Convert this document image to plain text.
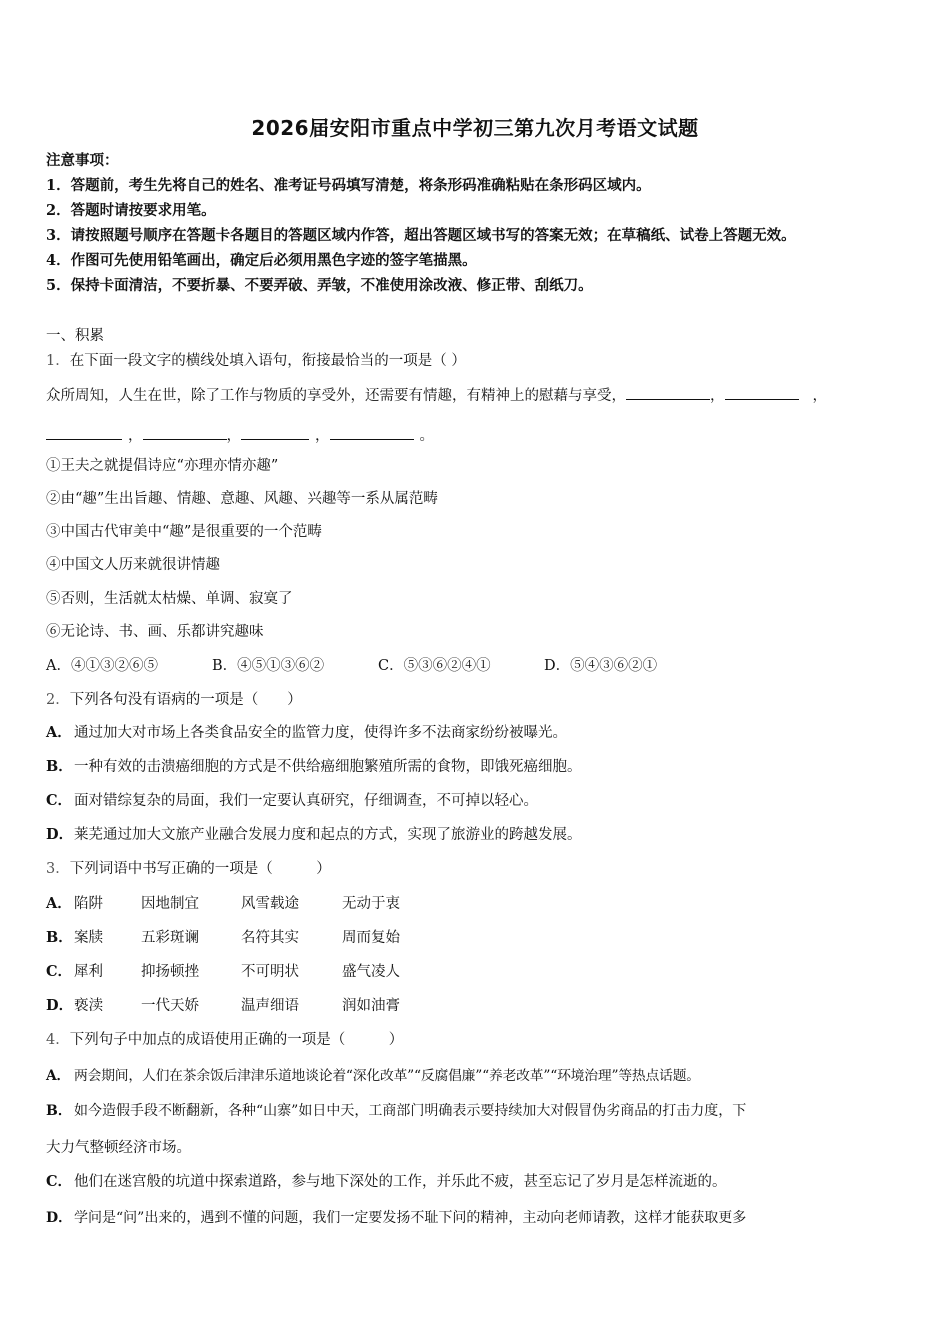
2026届安阳市重点中学初三第九次月考语文试题
注意事项：
1．答题前，考生先将自己的姓名、准考证号码填写清楚，将条形码准确粘贴在条形码区域内。
2．答题时请按要求用笔。
3．请按照题号顺序在答题卡各题目的答题区域内作答，超出答题区域书写的答案无效；在草稿纸、试卷上答题无效。
4．作图可先使用铅笔画出，确定后必须用黑色字迹的签字笔描黑。
5．保持卡面清洁，不要折暴、不要弄破、弄皱，不准使用涂改液、修正带、刮纸刀。
一、积累
1．在下面一段文字的横线处填入语句，衔接最恰当的一项是（ ）
众所周知，人生在世，除了工作与物质的享受外，还需要有情趣，有精神上的慰藉与享受，	，	，
，	，	，	。
①王夫之就提倡诗应“亦理亦情亦趣”
②由“趣”生出旨趣、情趣、意趣、风趣、兴趣等一系从属范畴
③中国古代审美中“趣”是很重要的一个范畴
④中国文人历来就很讲情趣
⑤否则，生活就太枯燥、单调、寂寞了
⑥无论诗、书、画、乐都讲究趣味
A．④①③②⑥⑤	B．④⑤①③⑥②	C．⑤③⑥②④①	D．⑤④③⑥②①
2．下列各句没有语病的一项是（　　）
A． 通过加大对市场上各类食品安全的监管力度，使得许多不法商家纷纷被曝光。
B．一种有效的击溃癌细胞的方式是不供给癌细胞繁殖所需的食物，即饿死癌细胞。
C． 面对错综复杂的局面，我们一定要认真研究，仔细调查，不可掉以轻心。
D．莱芜通过加大文旅产业融合发展力度和起点的方式，实现了旅游业的跨越发展。
3．下列词语中书写正确的一项是（　　　）
A． 陷阱	因地制宜	风雪载途	无动于衷
B．案牍	五彩斑谰	名符其实	周而复始
C． 犀利	抑扬顿挫	不可明状	盛气凌人
D．亵渎	一代天娇	温声细语	润如油膏
4．下列句子中加点的成语使用正确的一项是（　　　）
A． 两会期间，人们在茶余饭后津津乐道地谈论着“深化改革”“反腐倡廉”“养老改革”“环境治理”等热点话题。
B． 如今造假手段不断翻新，各种“山寨”如日中天，工商部门明确表示要持续加大对假冒伪劣商品的打击力度，下
大力气整顿经济市场。
C． 他们在迷宫般的坑道中探索道路，参与地下深处的工作，并乐此不疲，甚至忘记了岁月是怎样流逝的。
D． 学问是“问”出来的，遇到不懂的问题，我们一定要发扬不耻下问的精神，主动向老师请教，这样才能获取更多
